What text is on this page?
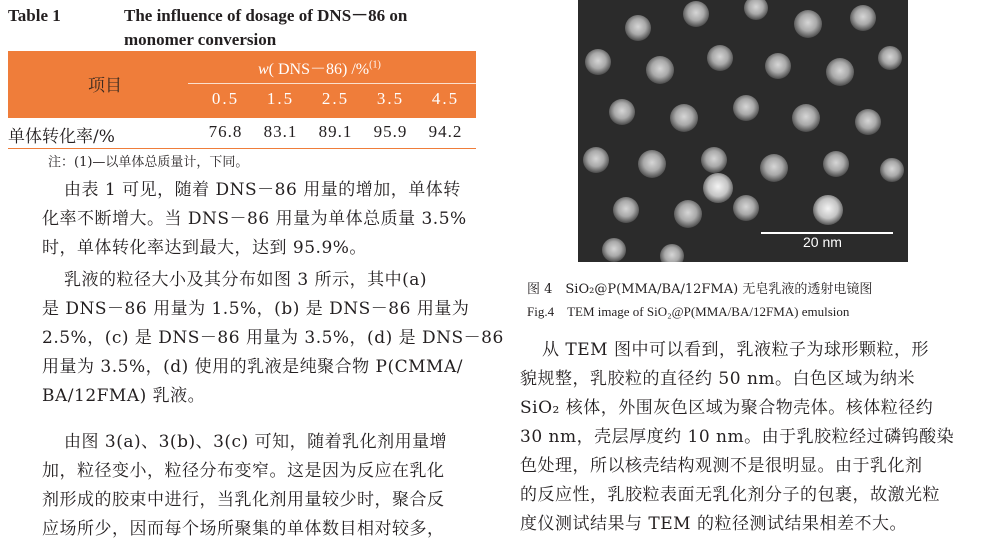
Table 1	The influence of dosage of DNS－86 on
monomer conversion
项目
w( DNS－86) /%$^{(1)}$
0.5	1.5	2.5	3.5	4.5
单体转化率/%	76.8	83.1	89.1	95.9	94.2
注：(1)—以单体总质量计，下同。
由表 1 可见，随着 DNS－86 用量的增加，单体转
化率不断增大。当 DNS－86 用量为单体总质量 3.5%
时，单体转化率达到最大，达到 95.9%。
乳液的粒径大小及其分布如图 3 所示，其中(a)
是 DNS－86 用量为 1.5%，(b) 是 DNS－86 用量为
2.5%，(c) 是 DNS－86 用量为 3.5%，(d) 是 DNS－86
用量为 3.5%，(d) 使用的乳液是纯聚合物 P(CMMA/
BA/12FMA) 乳液。
由图 3(a)、3(b)、3(c) 可知，随着乳化剂用量增
加，粒径变小，粒径分布变窄。这是因为反应在乳化
剂形成的胶束中进行，当乳化剂用量较少时，聚合反
应场所少，因而每个场所聚集的单体数目相对较多，
20 nm
图 4　SiO₂@P(MMA/BA/12FMA) 无皂乳液的透射电镜图
Fig.4　TEM image of SiO₂@P(MMA/BA/12FMA) emulsion
从 TEM 图中可以看到，乳液粒子为球形颗粒，形
貌规整，乳胶粒的直径约 50 nm。白色区域为纳米
SiO₂ 核体，外围灰色区域为聚合物壳体。核体粒径约
30 nm，壳层厚度约 10 nm。由于乳胶粒经过磷钨酸染
色处理，所以核壳结构观测不是很明显。由于乳化剂
的反应性，乳胶粒表面无乳化剂分子的包裹，故激光粒
度仪测试结果与 TEM 的粒径测试结果相差不大。
